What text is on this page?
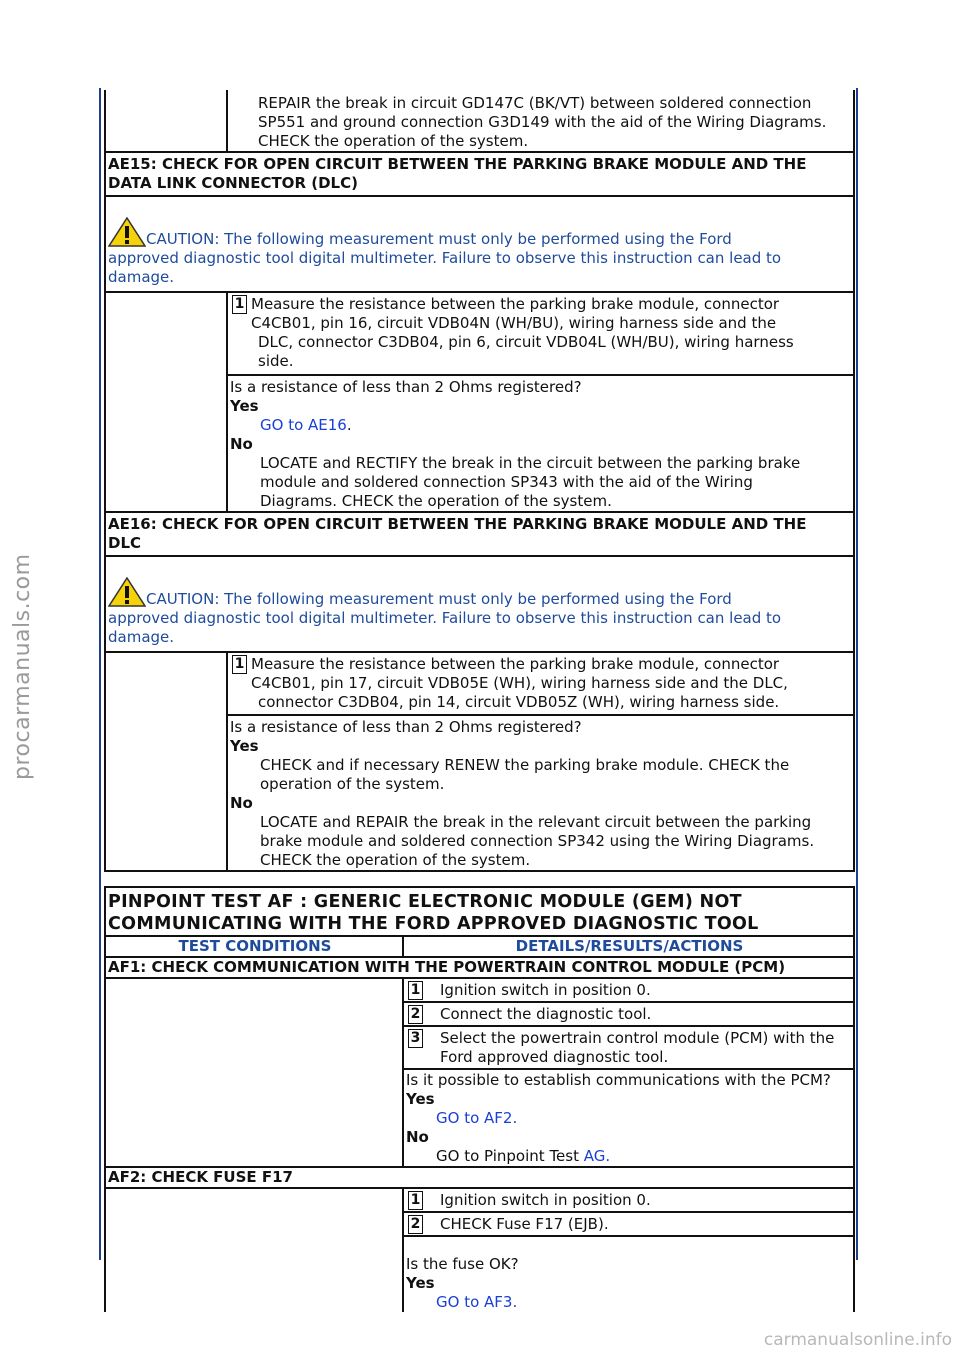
procarmanuals.com
carmanualsonline.info

REPAIR the break in circuit GD147C (BK/VT) between soldered connection
SP551 and ground connection G3D149 with the aid of the Wiring Diagrams.
CHECK the operation of the system.
AE15: CHECK FOR OPEN CIRCUIT BETWEEN THE PARKING BRAKE MODULE AND THE
DATA LINK CONNECTOR (DLC)

CAUTION: The following measurement must only be performed using the Ford
approved diagnostic tool digital multimeter. Failure to observe this instruction can lead to
damage.

1 Measure the resistance between the parking brake module, connector
C4CB01, pin 16, circuit VDB04N (WH/BU), wiring harness side and the
DLC, connector C3DB04, pin 6, circuit VDB04L (WH/BU), wiring harness
side.

Is a resistance of less than 2 Ohms registered?
Yes
GO to AE16.
No
LOCATE and RECTIFY the break in the circuit between the parking brake
module and soldered connection SP343 with the aid of the Wiring
Diagrams. CHECK the operation of the system.
AE16: CHECK FOR OPEN CIRCUIT BETWEEN THE PARKING BRAKE MODULE AND THE
DLC

CAUTION: The following measurement must only be performed using the Ford
approved diagnostic tool digital multimeter. Failure to observe this instruction can lead to
damage.

1 Measure the resistance between the parking brake module, connector
C4CB01, pin 17, circuit VDB05E (WH), wiring harness side and the DLC,
connector C3DB04, pin 14, circuit VDB05Z (WH), wiring harness side.

Is a resistance of less than 2 Ohms registered?
Yes
CHECK and if necessary RENEW the parking brake module. CHECK the
operation of the system.
No
LOCATE and REPAIR the break in the relevant circuit between the parking
brake module and soldered connection SP342 using the Wiring Diagrams.
CHECK the operation of the system.
PINPOINT TEST AF : GENERIC ELECTRONIC MODULE (GEM) NOT
COMMUNICATING WITH THE FORD APPROVED DIAGNOSTIC TOOL	

TEST CONDITIONS	DETAILS/RESULTS/ACTIONS
AF1: CHECK COMMUNICATION WITH THE POWERTRAIN CONTROL MODULE (PCM)	

	1 Ignition switch in position 0.

	2 Connect the diagnostic tool.

	3 Select the powertrain control module (PCM) with the
Ford approved diagnostic tool.

	Is it possible to establish communications with the PCM?
Yes
GO to AF2.
No
GO to Pinpoint Test AG.

AF2: CHECK FUSE F17	

	1 Ignition switch in position 0.

	2 CHECK Fuse F17 (EJB).

	Is the fuse OK?
Yes
GO to AF3.
